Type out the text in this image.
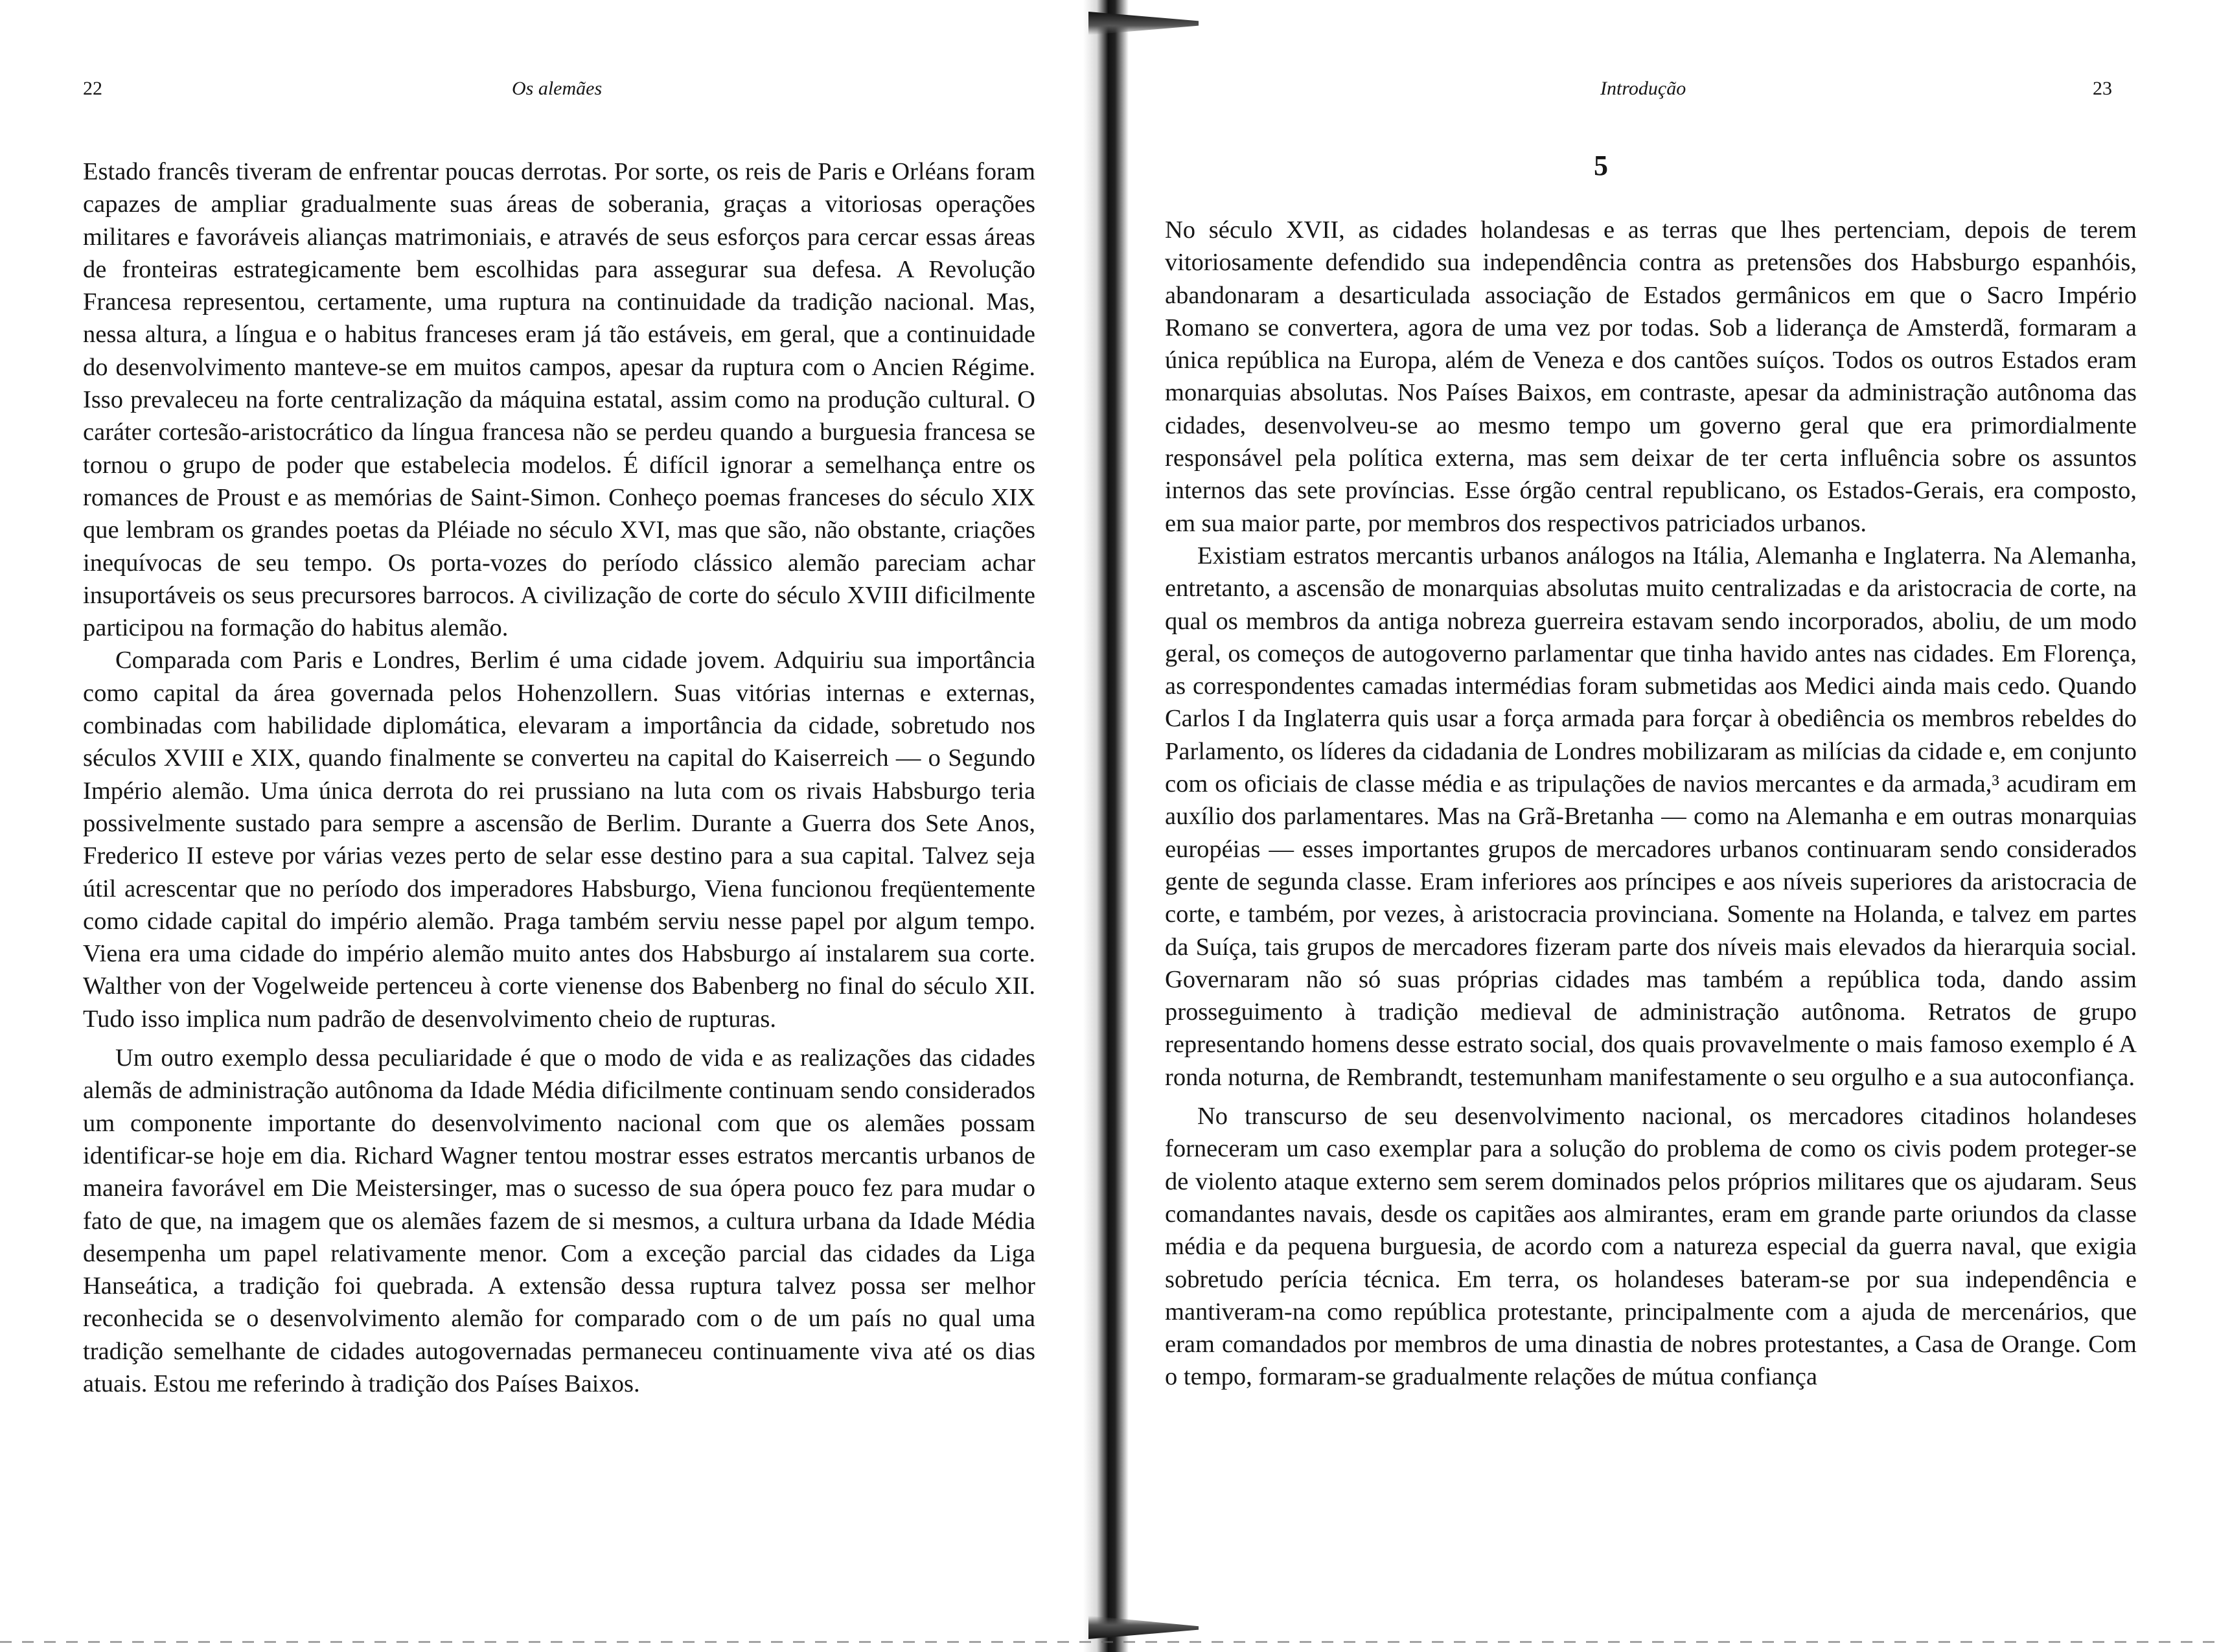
22	Os alemães

Estado francês tiveram de enfrentar poucas derrotas. Por sorte, os reis de Paris e Orléans foram capazes de ampliar gradualmente suas áreas de soberania, graças a vitoriosas operações militares e favoráveis alianças matrimoniais, e através de seus esforços para cercar essas áreas de fronteiras estrategicamente bem escolhidas para assegurar sua defesa. A Revolução Francesa representou, certamente, uma ruptura na continuidade da tradição nacional. Mas, nessa altura, a língua e o habitus franceses eram já tão estáveis, em geral, que a continuidade do desenvolvimento manteve-se em muitos campos, apesar da ruptura com o Ancien Régime. Isso prevaleceu na forte centralização da máquina estatal, assim como na produção cultural. O caráter cortesão-aristocrático da língua francesa não se perdeu quando a burguesia francesa se tornou o grupo de poder que estabelecia modelos. É difícil ignorar a semelhança entre os romances de Proust e as memórias de Saint-Simon. Conheço poemas franceses do século XIX que lembram os grandes poetas da Pléiade no século XVI, mas que são, não obstante, criações inequívocas de seu tempo. Os porta-vozes do período clássico alemão pareciam achar insuportáveis os seus precursores barrocos. A civilização de corte do século XVIII dificilmente participou na formação do habitus alemão.

Comparada com Paris e Londres, Berlim é uma cidade jovem. Adquiriu sua importância como capital da área governada pelos Hohenzollern. Suas vitórias internas e externas, combinadas com habilidade diplomática, elevaram a importância da cidade, sobretudo nos séculos XVIII e XIX, quando finalmente se converteu na capital do Kaiserreich — o Segundo Império alemão. Uma única derrota do rei prussiano na luta com os rivais Habsburgo teria possivelmente sustado para sempre a ascensão de Berlim. Durante a Guerra dos Sete Anos, Frederico II esteve por várias vezes perto de selar esse destino para a sua capital. Talvez seja útil acrescentar que no período dos imperadores Habsburgo, Viena funcionou freqüentemente como cidade capital do império alemão. Praga também serviu nesse papel por algum tempo. Viena era uma cidade do império alemão muito antes dos Habsburgo aí instalarem sua corte. Walther von der Vogelweide pertenceu à corte vienense dos Babenberg no final do século XII. Tudo isso implica num padrão de desenvolvimento cheio de rupturas.

Um outro exemplo dessa peculiaridade é que o modo de vida e as realizações das cidades alemãs de administração autônoma da Idade Média dificilmente continuam sendo considerados um componente importante do desenvolvimento nacional com que os alemães possam identificar-se hoje em dia. Richard Wagner tentou mostrar esses estratos mercantis urbanos de maneira favorável em Die Meistersinger, mas o sucesso de sua ópera pouco fez para mudar o fato de que, na imagem que os alemães fazem de si mesmos, a cultura urbana da Idade Média desempenha um papel relativamente menor. Com a exceção parcial das cidades da Liga Hanseática, a tradição foi quebrada. A extensão dessa ruptura talvez possa ser melhor reconhecida se o desenvolvimento alemão for comparado com o de um país no qual uma tradição semelhante de cidades autogovernadas permaneceu continuamente viva até os dias atuais. Estou me referindo à tradição dos Países Baixos.

Introdução	23
5

No século XVII, as cidades holandesas e as terras que lhes pertenciam, depois de terem vitoriosamente defendido sua independência contra as pretensões dos Habsburgo espanhóis, abandonaram a desarticulada associação de Estados germânicos em que o Sacro Império Romano se convertera, agora de uma vez por todas. Sob a liderança de Amsterdã, formaram a única república na Europa, além de Veneza e dos cantões suíços. Todos os outros Estados eram monarquias absolutas. Nos Países Baixos, em contraste, apesar da administração autônoma das cidades, desenvolveu-se ao mesmo tempo um governo geral que era primordialmente responsável pela política externa, mas sem deixar de ter certa influência sobre os assuntos internos das sete províncias. Esse órgão central republicano, os Estados-Gerais, era composto, em sua maior parte, por membros dos respectivos patriciados urbanos.

Existiam estratos mercantis urbanos análogos na Itália, Alemanha e Inglaterra. Na Alemanha, entretanto, a ascensão de monarquias absolutas muito centralizadas e da aristocracia de corte, na qual os membros da antiga nobreza guerreira estavam sendo incorporados, aboliu, de um modo geral, os começos de autogoverno parlamentar que tinha havido antes nas cidades. Em Florença, as correspondentes camadas intermédias foram submetidas aos Medici ainda mais cedo. Quando Carlos I da Inglaterra quis usar a força armada para forçar à obediência os membros rebeldes do Parlamento, os líderes da cidadania de Londres mobilizaram as milícias da cidade e, em conjunto com os oficiais de classe média e as tripulações de navios mercantes e da armada,³ acudiram em auxílio dos parlamentares. Mas na Grã-Bretanha — como na Alemanha e em outras monarquias européias — esses importantes grupos de mercadores urbanos continuaram sendo considerados gente de segunda classe. Eram inferiores aos príncipes e aos níveis superiores da aristocracia de corte, e também, por vezes, à aristocracia provinciana. Somente na Holanda, e talvez em partes da Suíça, tais grupos de mercadores fizeram parte dos níveis mais elevados da hierarquia social. Governaram não só suas próprias cidades mas também a república toda, dando assim prosseguimento à tradição medieval de administração autônoma. Retratos de grupo representando homens desse estrato social, dos quais provavelmente o mais famoso exemplo é A ronda noturna, de Rembrandt, testemunham manifestamente o seu orgulho e a sua autoconfiança.

No transcurso de seu desenvolvimento nacional, os mercadores citadinos holandeses forneceram um caso exemplar para a solução do problema de como os civis podem proteger-se de violento ataque externo sem serem dominados pelos próprios militares que os ajudaram. Seus comandantes navais, desde os capitães aos almirantes, eram em grande parte oriundos da classe média e da pequena burguesia, de acordo com a natureza especial da guerra naval, que exigia sobretudo perícia técnica. Em terra, os holandeses bateram-se por sua independência e mantiveram-na como república protestante, principalmente com a ajuda de mercenários, que eram comandados por membros de uma dinastia de nobres protestantes, a Casa de Orange. Com o tempo, formaram-se gradualmente relações de mútua confiança
